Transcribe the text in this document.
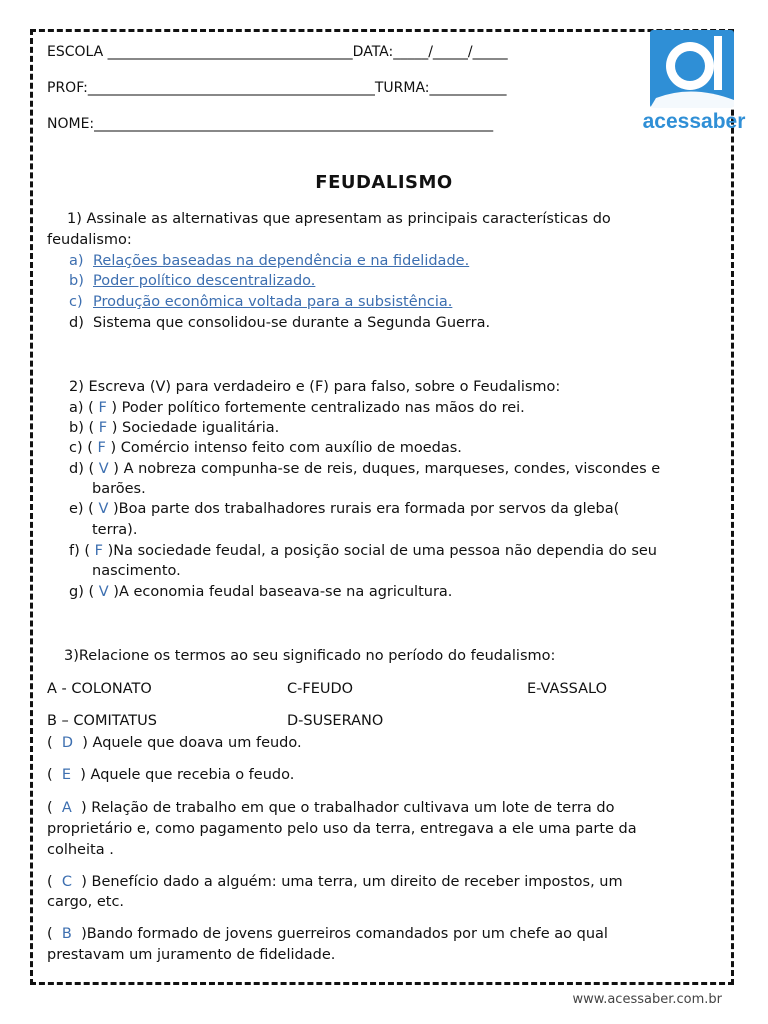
ESCOLA ___________________________________DATA:_____/_____/_____
PROF:_________________________________________TURMA:___________
NOME:_________________________________________________________	acessaber
FEUDALISMO
1) Assinale as alternativas que apresentam as principais características do
feudalismo:
a) Relações baseadas na dependência e na fidelidade.
b) Poder político descentralizado.
c) Produção econômica voltada para a subsistência.
d) Sistema que consolidou-se durante a Segunda Guerra.
2) Escreva (V) para verdadeiro e (F) para falso, sobre o Feudalismo:
a) ( F ) Poder político fortemente centralizado nas mãos do rei.
b) ( F ) Sociedade igualitária.
c) ( F ) Comércio intenso feito com auxílio de moedas.
d) ( V ) A nobreza compunha-se de reis, duques, marqueses, condes, viscondes e
barões.
e) ( V )Boa parte dos trabalhadores rurais era formada por servos da gleba(
terra).
f) ( F )Na sociedade feudal, a posição social de uma pessoa não dependia do seu
nascimento.
g) ( V )A economia feudal baseava-se na agricultura.
3)Relacione os termos ao seu significado no período do feudalismo:
A - COLONATO	C-FEUDO	E-VASSALO
B – COMITATUS	D-SUSERANO
(  D ) Aquele que doava um feudo.
(  E ) Aquele que recebia o feudo.
(  A ) Relação de trabalho em que o trabalhador cultivava um lote de terra do
proprietário e, como pagamento pelo uso da terra, entregava a ele uma parte da
colheita .
(  C ) Benefício dado a alguém: uma terra, um direito de receber impostos, um
cargo, etc.
(  B )Bando formado de jovens guerreiros comandados por um chefe ao qual
prestavam um juramento de fidelidade.
www.acessaber.com.br
